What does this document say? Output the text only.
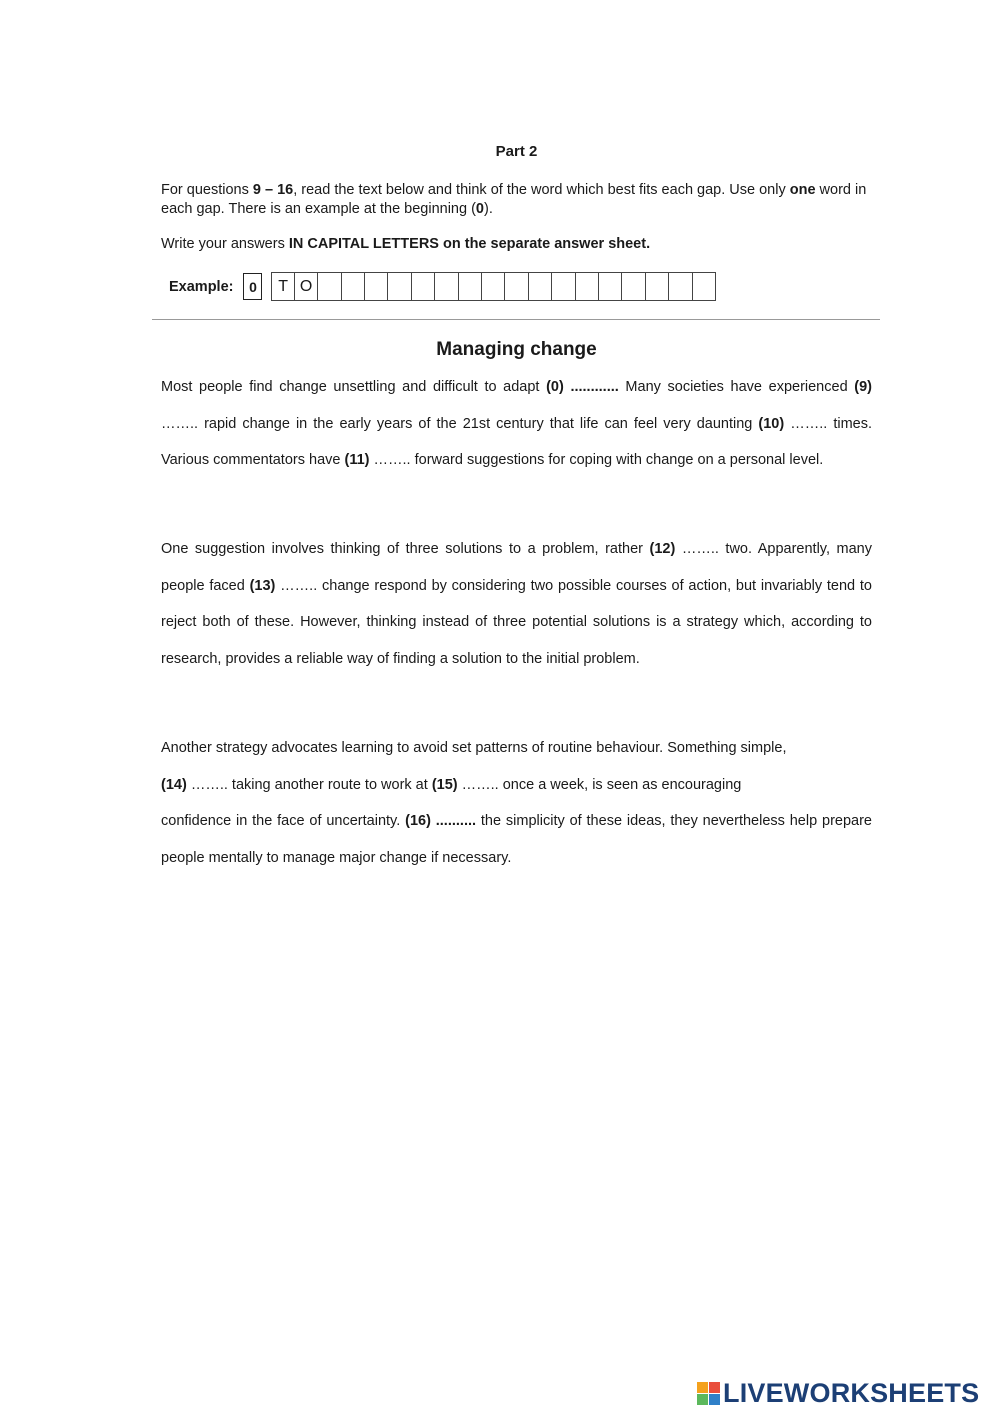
Part 2
For questions 9 – 16, read the text below and think of the word which best fits each gap. Use only one word in each gap. There is an example at the beginning (0).
Write your answers IN CAPITAL LETTERS on the separate answer sheet.
Example:	0	T O
Managing change

Most people find change unsettling and difficult to adapt (0) ............ Many societies have experienced (9) …….. rapid change in the early years of the 21st century that life can feel very daunting (10) …….. times. Various commentators have (11) …….. forward suggestions for coping with change on a personal level.

One suggestion involves thinking of three solutions to a problem, rather (12) …….. two. Apparently, many people faced (13) …….. change respond by considering two possible courses of action, but invariably tend to reject both of these. However, thinking instead of three potential solutions is a strategy which, according to research, provides a reliable way of finding a solution to the initial problem.

Another strategy advocates learning to avoid set patterns of routine behaviour. Something simple,
(14) …….. taking another route to work at (15) …….. once a week, is seen as encouraging
confidence in the face of uncertainty. (16) .......... the simplicity of these ideas, they nevertheless help prepare people mentally to manage major change if necessary.

LIVEWORKSHEETS
